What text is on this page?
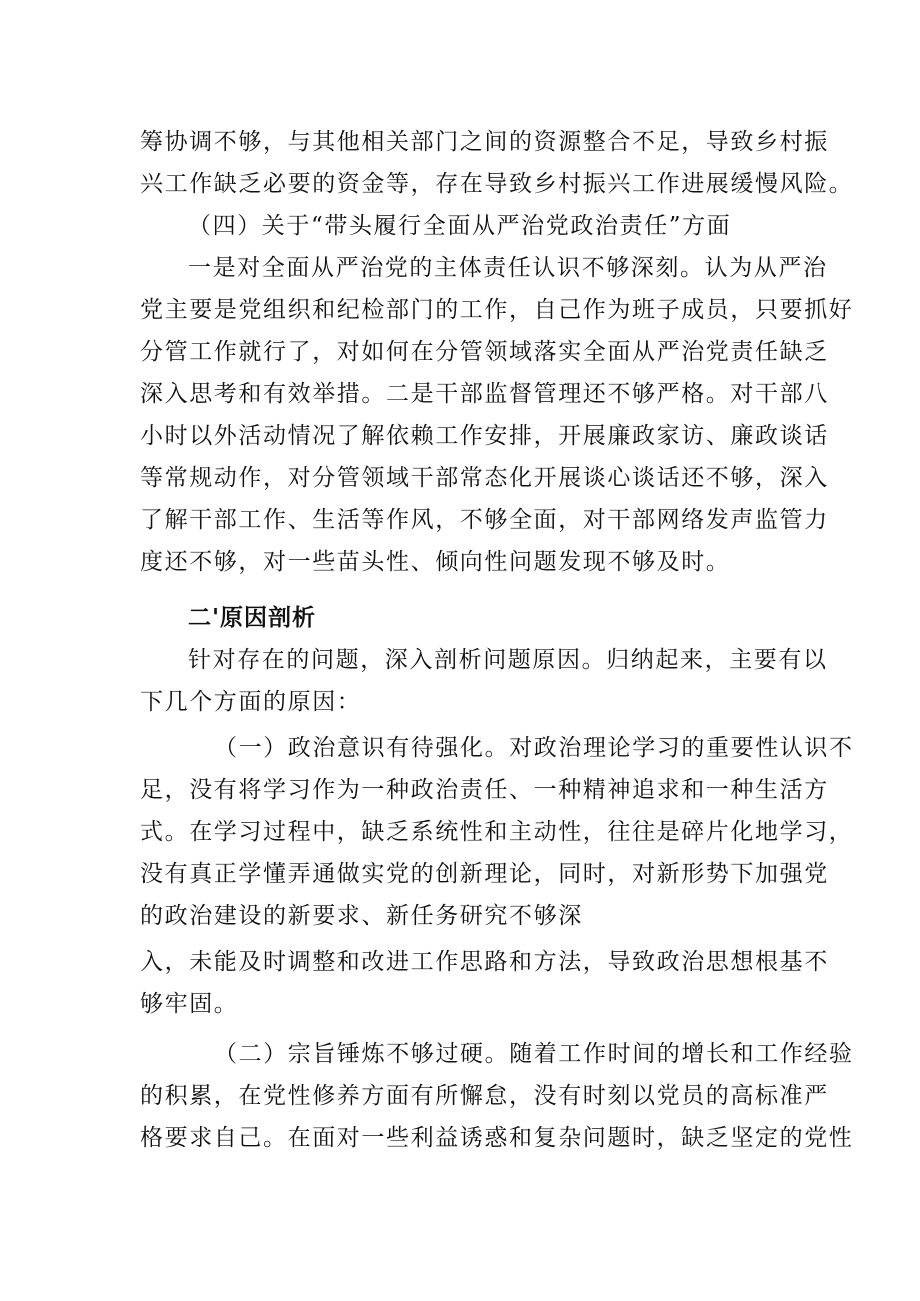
筹协调不够，与其他相关部门之间的资源整合不足，导致乡村振
兴工作缺乏必要的资金等，存在导致乡村振兴工作进展缓慢风险。
（四）关于“带头履行全面从严治党政治责任”方面
一是对全面从严治党的主体责任认识不够深刻。认为从严治
党主要是党组织和纪检部门的工作，自己作为班子成员，只要抓好
分管工作就行了，对如何在分管领域落实全面从严治党责任缺乏
深入思考和有效举措。二是干部监督管理还不够严格。对干部八
小时以外活动情况了解依赖工作安排，开展廉政家访、廉政谈话
等常规动作，对分管领域干部常态化开展谈心谈话还不够，深入
了解干部工作、生活等作风，不够全面，对干部网络发声监管力
度还不够，对一些苗头性、倾向性问题发现不够及时。
二'原因剖析
针对存在的问题，深入剖析问题原因。归纳起来，主要有以
下几个方面的原因：
（一）政治意识有待强化。对政治理论学习的重要性认识不
足，没有将学习作为一种政治责任、一种精神追求和一种生活方
式。在学习过程中，缺乏系统性和主动性，往往是碎片化地学习，
没有真正学懂弄通做实党的创新理论，同时，对新形势下加强党
的政治建设的新要求、新任务研究不够深
入，未能及时调整和改进工作思路和方法，导致政治思想根基不
够牢固。
（二）宗旨锤炼不够过硬。随着工作时间的增长和工作经验
的积累，在党性修养方面有所懈怠，没有时刻以党员的高标准严
格要求自己。在面对一些利益诱惑和复杂问题时，缺乏坚定的党性
